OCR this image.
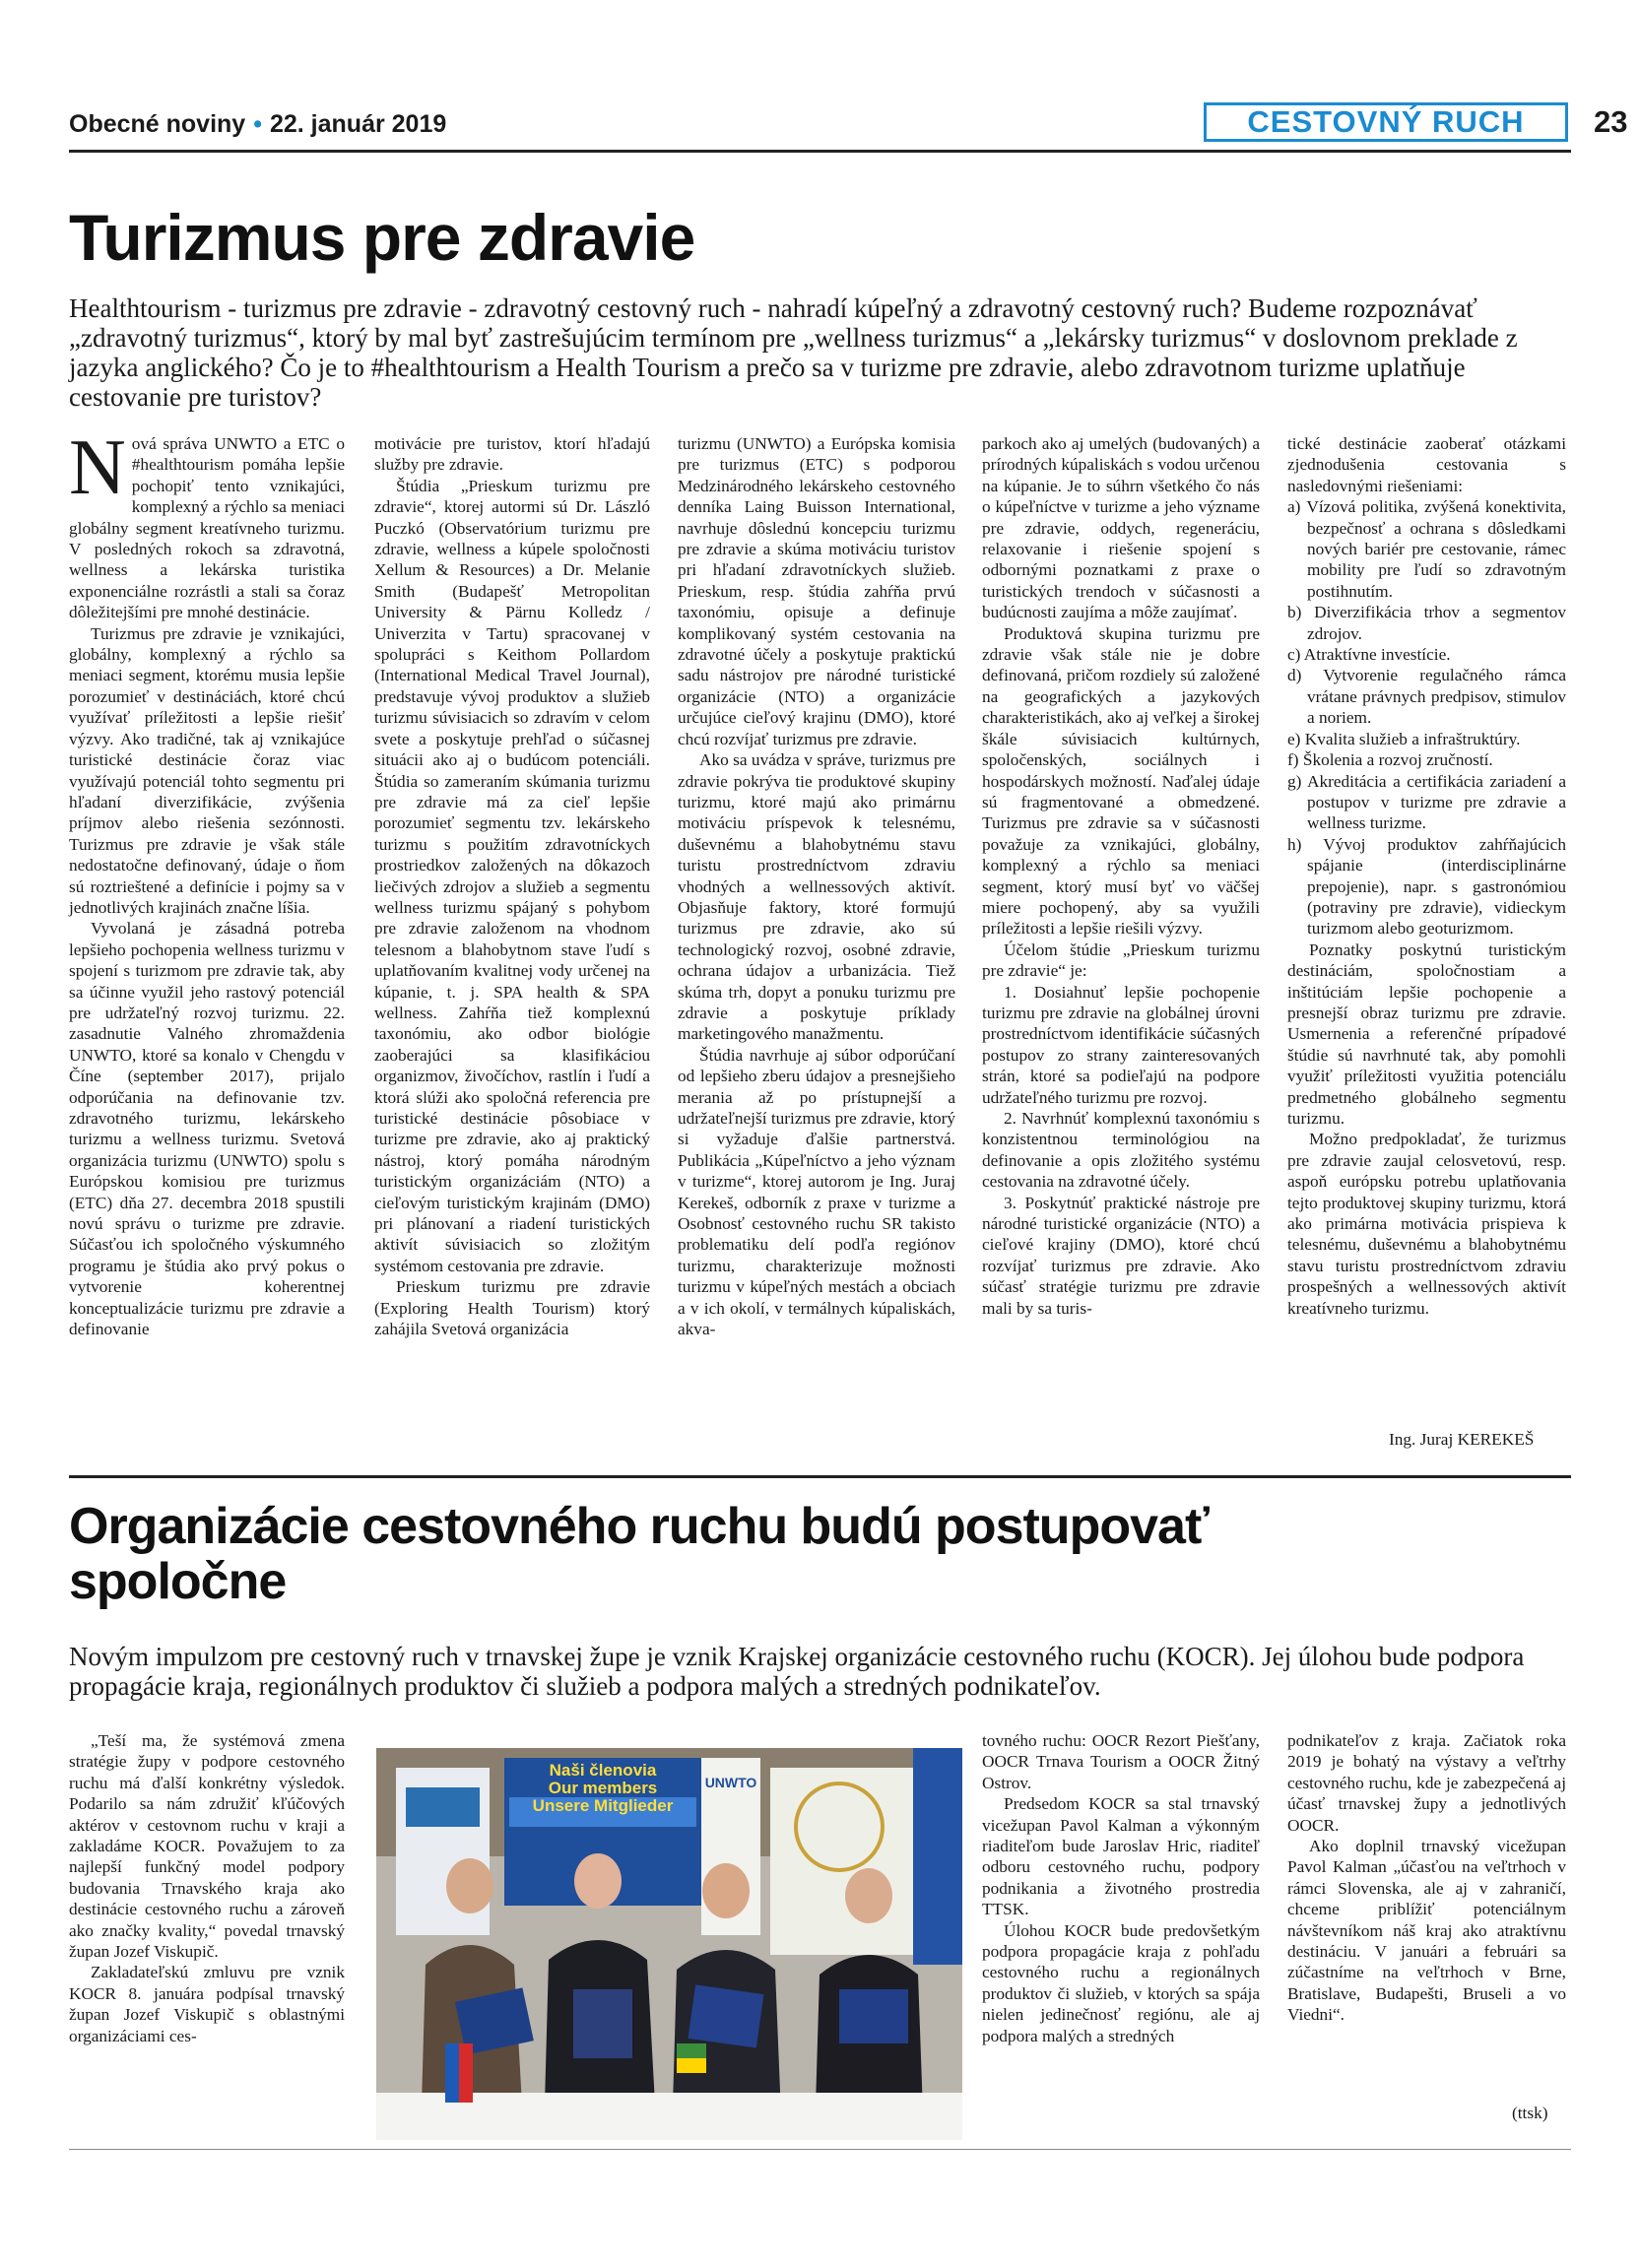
Obecné noviny • 22. január 2019	CESTOVNÝ RUCH	23
Turizmus pre zdravie
Healthtourism - turizmus pre zdravie - zdravotný cestovný ruch - nahradí kúpeľný a zdravotný cestovný ruch? Budeme rozpoznávať „zdravotný turizmus“, ktorý by mal byť zastrešujúcim termínom pre „wellness turizmus“ a „lekársky turizmus“ v doslovnom preklade z jazyka anglického? Čo je to #healthtourism a Health Tourism a prečo sa v turizme pre zdravie, alebo zdravotnom turizme uplatňuje cestovanie pre turistov?

Nová správa UNWTO a ETC o #healthtourism pomáha lepšie pochopiť tento vznikajúci, komplexný a rýchlo sa meniaci globálny segment kreatívneho turizmu. V posledných rokoch sa zdravotná, wellness a lekárska turistika exponenciálne rozrástli a stali sa čoraz dôležitejšími pre mnohé destinácie.

Turizmus pre zdravie je vznikajúci, globálny, komplexný a rýchlo sa meniaci segment, ktorému musia lepšie porozumieť v destináciách, ktoré chcú využívať príležitosti a lepšie riešiť výzvy. Ako tradičné, tak aj vznikajúce turistické destinácie čoraz viac využívajú potenciál tohto segmentu pri hľadaní diverzifikácie, zvýšenia príjmov alebo riešenia sezónnosti. Turizmus pre zdravie je však stále nedostatočne definovaný, údaje o ňom sú roztrieštené a definície i pojmy sa v jednotlivých krajinách značne líšia.

Vyvolaná je zásadná potreba lepšieho pochopenia wellness turizmu v spojení s turizmom pre zdravie tak, aby sa účinne využil jeho rastový potenciál pre udržateľný rozvoj turizmu. 22. zasadnutie Valného zhromaždenia UNWTO, ktoré sa konalo v Chengdu v Číne (september 2017), prijalo odporúčania na definovanie tzv. zdravotného turizmu, lekárskeho turizmu a wellness turizmu. Svetová organizácia turizmu (UNWTO) spolu s Európskou komisiou pre turizmus (ETC) dňa 27. decembra 2018 spustili novú správu o turizme pre zdravie. Súčasťou ich spoločného výskumného programu je štúdia ako prvý pokus o vytvorenie koherentnej konceptualizácie turizmu pre zdravie a definovanie

motivácie pre turistov, ktorí hľadajú služby pre zdravie.

Štúdia „Prieskum turizmu pre zdravie“, ktorej autormi sú Dr. László Puczkó (Observatórium turizmu pre zdravie, wellness a kúpele spoločnosti Xellum & Resources) a Dr. Melanie Smith (Budapešť Metropolitan University & Pärnu Kolledz / Univerzita v Tartu) spracovanej v spolupráci s Keithom Pollardom (International Medical Travel Journal), predstavuje vývoj produktov a služieb turizmu súvisiacich so zdravím v celom svete a poskytuje prehľad o súčasnej situácii ako aj o budúcom potenciáli. Štúdia so zameraním skúmania turizmu pre zdravie má za cieľ lepšie porozumieť segmentu tzv. lekárskeho turizmu s použitím zdravotníckych prostriedkov založených na dôkazoch liečivých zdrojov a služieb a segmentu wellness turizmu spájaný s pohybom pre zdravie založenom na vhodnom telesnom a blahobytnom stave ľudí s uplatňovaním kvalitnej vody určenej na kúpanie, t. j. SPA health & SPA wellness. Zahŕňa tiež komplexnú taxonómiu, ako odbor biológie zaoberajúci sa klasifikáciou organizmov, živočíchov, rastlín i ľudí a ktorá slúži ako spoločná referencia pre turistické destinácie pôsobiace v turizme pre zdravie, ako aj praktický nástroj, ktorý pomáha národným turistickým organizáciám (NTO) a cieľovým turistickým krajinám (DMO) pri plánovaní a riadení turistických aktivít súvisiacich so zložitým systémom cestovania pre zdravie.

Prieskum turizmu pre zdravie (Exploring Health Tourism) ktorý zahájila Svetová organizácia

turizmu (UNWTO) a Európska komisia pre turizmus (ETC) s podporou Medzinárodného lekárskeho cestovného denníka Laing Buisson International, navrhuje dôslednú koncepciu turizmu pre zdravie a skúma motiváciu turistov pri hľadaní zdravotníckych služieb. Prieskum, resp. štúdia zahŕňa prvú taxonómiu, opisuje a definuje komplikovaný systém cestovania na zdravotné účely a poskytuje praktickú sadu nástrojov pre národné turistické organizácie (NTO) a organizácie určujúce cieľový krajinu (DMO), ktoré chcú rozvíjať turizmus pre zdravie.

Ako sa uvádza v správe, turizmus pre zdravie pokrýva tie produktové skupiny turizmu, ktoré majú ako primárnu motiváciu príspevok k telesnému, duševnému a blahobytnému stavu turistu prostredníctvom zdraviu vhodných a wellnessových aktivít. Objasňuje faktory, ktoré formujú turizmus pre zdravie, ako sú technologický rozvoj, osobné zdravie, ochrana údajov a urbanizácia. Tiež skúma trh, dopyt a ponuku turizmu pre zdravie a poskytuje príklady marketingového manažmentu.

Štúdia navrhuje aj súbor odporúčaní od lepšieho zberu údajov a presnejšieho merania až po prístupnejší a udržateľnejší turizmus pre zdravie, ktorý si vyžaduje ďalšie partnerstvá. Publikácia „Kúpeľníctvo a jeho význam v turizme“, ktorej autorom je Ing. Juraj Kerekeš, odborník z praxe v turizme a Osobnosť cestovného ruchu SR takisto problematiku delí podľa regiónov turizmu, charakterizuje možnosti turizmu v kúpeľných mestách a obciach a v ich okolí, v termálnych kúpaliskách, akva-

parkoch ako aj umelých (budovaných) a prírodných kúpaliskách s vodou určenou na kúpanie. Je to súhrn všetkého čo nás o kúpeľníctve v turizme a jeho význame pre zdravie, oddych, regeneráciu, relaxovanie i riešenie spojení s odbornými poznatkami z praxe o turistických trendoch v súčasnosti a budúcnosti zaujíma a môže zaujímať.

Produktová skupina turizmu pre zdravie však stále nie je dobre definovaná, pričom rozdiely sú založené na geografických a jazykových charakteristikách, ako aj veľkej a širokej škále súvisiacich kultúrnych, spoločenských, sociálnych i hospodárskych možností. Naďalej údaje sú fragmentované a obmedzené. Turizmus pre zdravie sa v súčasnosti považuje za vznikajúci, globálny, komplexný a rýchlo sa meniaci segment, ktorý musí byť vo väčšej miere pochopený, aby sa využili príležitosti a lepšie riešili výzvy.

Účelom štúdie „Prieskum turizmu pre zdravie“ je:

1. Dosiahnuť lepšie pochopenie turizmu pre zdravie na globálnej úrovni prostredníctvom identifikácie súčasných postupov zo strany zainteresovaných strán, ktoré sa podieľajú na podpore udržateľného turizmu pre rozvoj.

2. Navrhnúť komplexnú taxonómiu s konzistentnou terminológiou na definovanie a opis zložitého systému cestovania na zdravotné účely.

3. Poskytnúť praktické nástroje pre národné turistické organizácie (NTO) a cieľové krajiny (DMO), ktoré chcú rozvíjať turizmus pre zdravie. Ako súčasť stratégie turizmu pre zdravie mali by sa turis-

tické destinácie zaoberať otázkami zjednodušenia cestovania s nasledovnými riešeniami:

a) Vízová politika, zvýšená konektivita, bezpečnosť a ochrana s dôsledkami nových bariér pre cestovanie, rámec mobility pre ľudí so zdravotným postihnutím.

b) Diverzifikácia trhov a segmentov zdrojov.

c) Atraktívne investície.

d) Vytvorenie regulačného rámca vrátane právnych predpisov, stimulov a noriem.

e) Kvalita služieb a infraštruktúry.

f) Školenia a rozvoj zručností.

g) Akreditácia a certifikácia zariadení a postupov v turizme pre zdravie a wellness turizme.

h) Vývoj produktov zahŕňajúcich spájanie (interdisciplinárne prepojenie), napr. s gastronómiou (potraviny pre zdravie), vidieckym turizmom alebo geoturizmom.

Poznatky poskytnú turistickým destináciám, spoločnostiam a inštitúciám lepšie pochopenie a presnejší obraz turizmu pre zdravie. Usmernenia a referenčné prípadové štúdie sú navrhnuté tak, aby pomohli využiť príležitosti využitia potenciálu predmetného globálneho segmentu turizmu.

Možno predpokladať, že turizmus pre zdravie zaujal celosvetovú, resp. aspoň európsku potrebu uplatňovania tejto produktovej skupiny turizmu, ktorá ako primárna motivácia prispieva k telesnému, duševnému a blahobytnému stavu turistu prostredníctvom zdraviu prospešných a wellnessových aktivít kreatívneho turizmu.

Ing. Juraj KEREKEŠ
Organizácie cestovného ruchu budú postupovať
spoločne
Novým impulzom pre cestovný ruch v trnavskej župe je vznik Krajskej organizácie cestovného ruchu (KOCR). Jej úlohou bude podpora propagácie kraja, regionálnych produktov či služieb a podpora malých a stredných podnikateľov.

„Teší ma, že systémová zmena stratégie župy v podpore cestovného ruchu má ďalší konkrétny výsledok. Podarilo sa nám združiť kľúčových aktérov v cestovnom ruchu v kraji a zakladáme KOCR. Považujem to za najlepší funkčný model podpory budovania Trnavského kraja ako destinácie cestovného ruchu a zároveň ako značky kvality,“ povedal trnavský župan Jozef Viskupič.

Zakladateľskú zmluvu pre vznik KOCR 8. januára podpísal trnavský župan Jozef Viskupič s oblastnými organizáciami ces-

Naši členovia
Our members
Unsere Mitglieder
UNWTO

tovného ruchu: OOCR Rezort Piešťany, OOCR Trnava Tourism a OOCR Žitný Ostrov.

Predsedom KOCR sa stal trnavský vicežupan Pavol Kalman a výkonným riaditeľom bude Jaroslav Hric, riaditeľ odboru cestovného ruchu, podpory podnikania a životného prostredia TTSK.

Úlohou KOCR bude predovšetkým podpora propagácie kraja z pohľadu cestovného ruchu a regionálnych produktov či služieb, v ktorých sa spája nielen jedinečnosť regiónu, ale aj podpora malých a stredných

podnikateľov z kraja. Začiatok roka 2019 je bohatý na výstavy a veľtrhy cestovného ruchu, kde je zabezpečená aj účasť trnavskej župy a jednotlivých OOCR.

Ako doplnil trnavský vicežupan Pavol Kalman „účasťou na veľtrhoch v rámci Slovenska, ale aj v zahraničí, chceme priblížiť potenciálnym návštevníkom náš kraj ako atraktívnu destináciu. V januári a februári sa zúčastníme na veľtrhoch v Brne, Bratislave, Budapešti, Bruseli a vo Viedni“.

(ttsk)
